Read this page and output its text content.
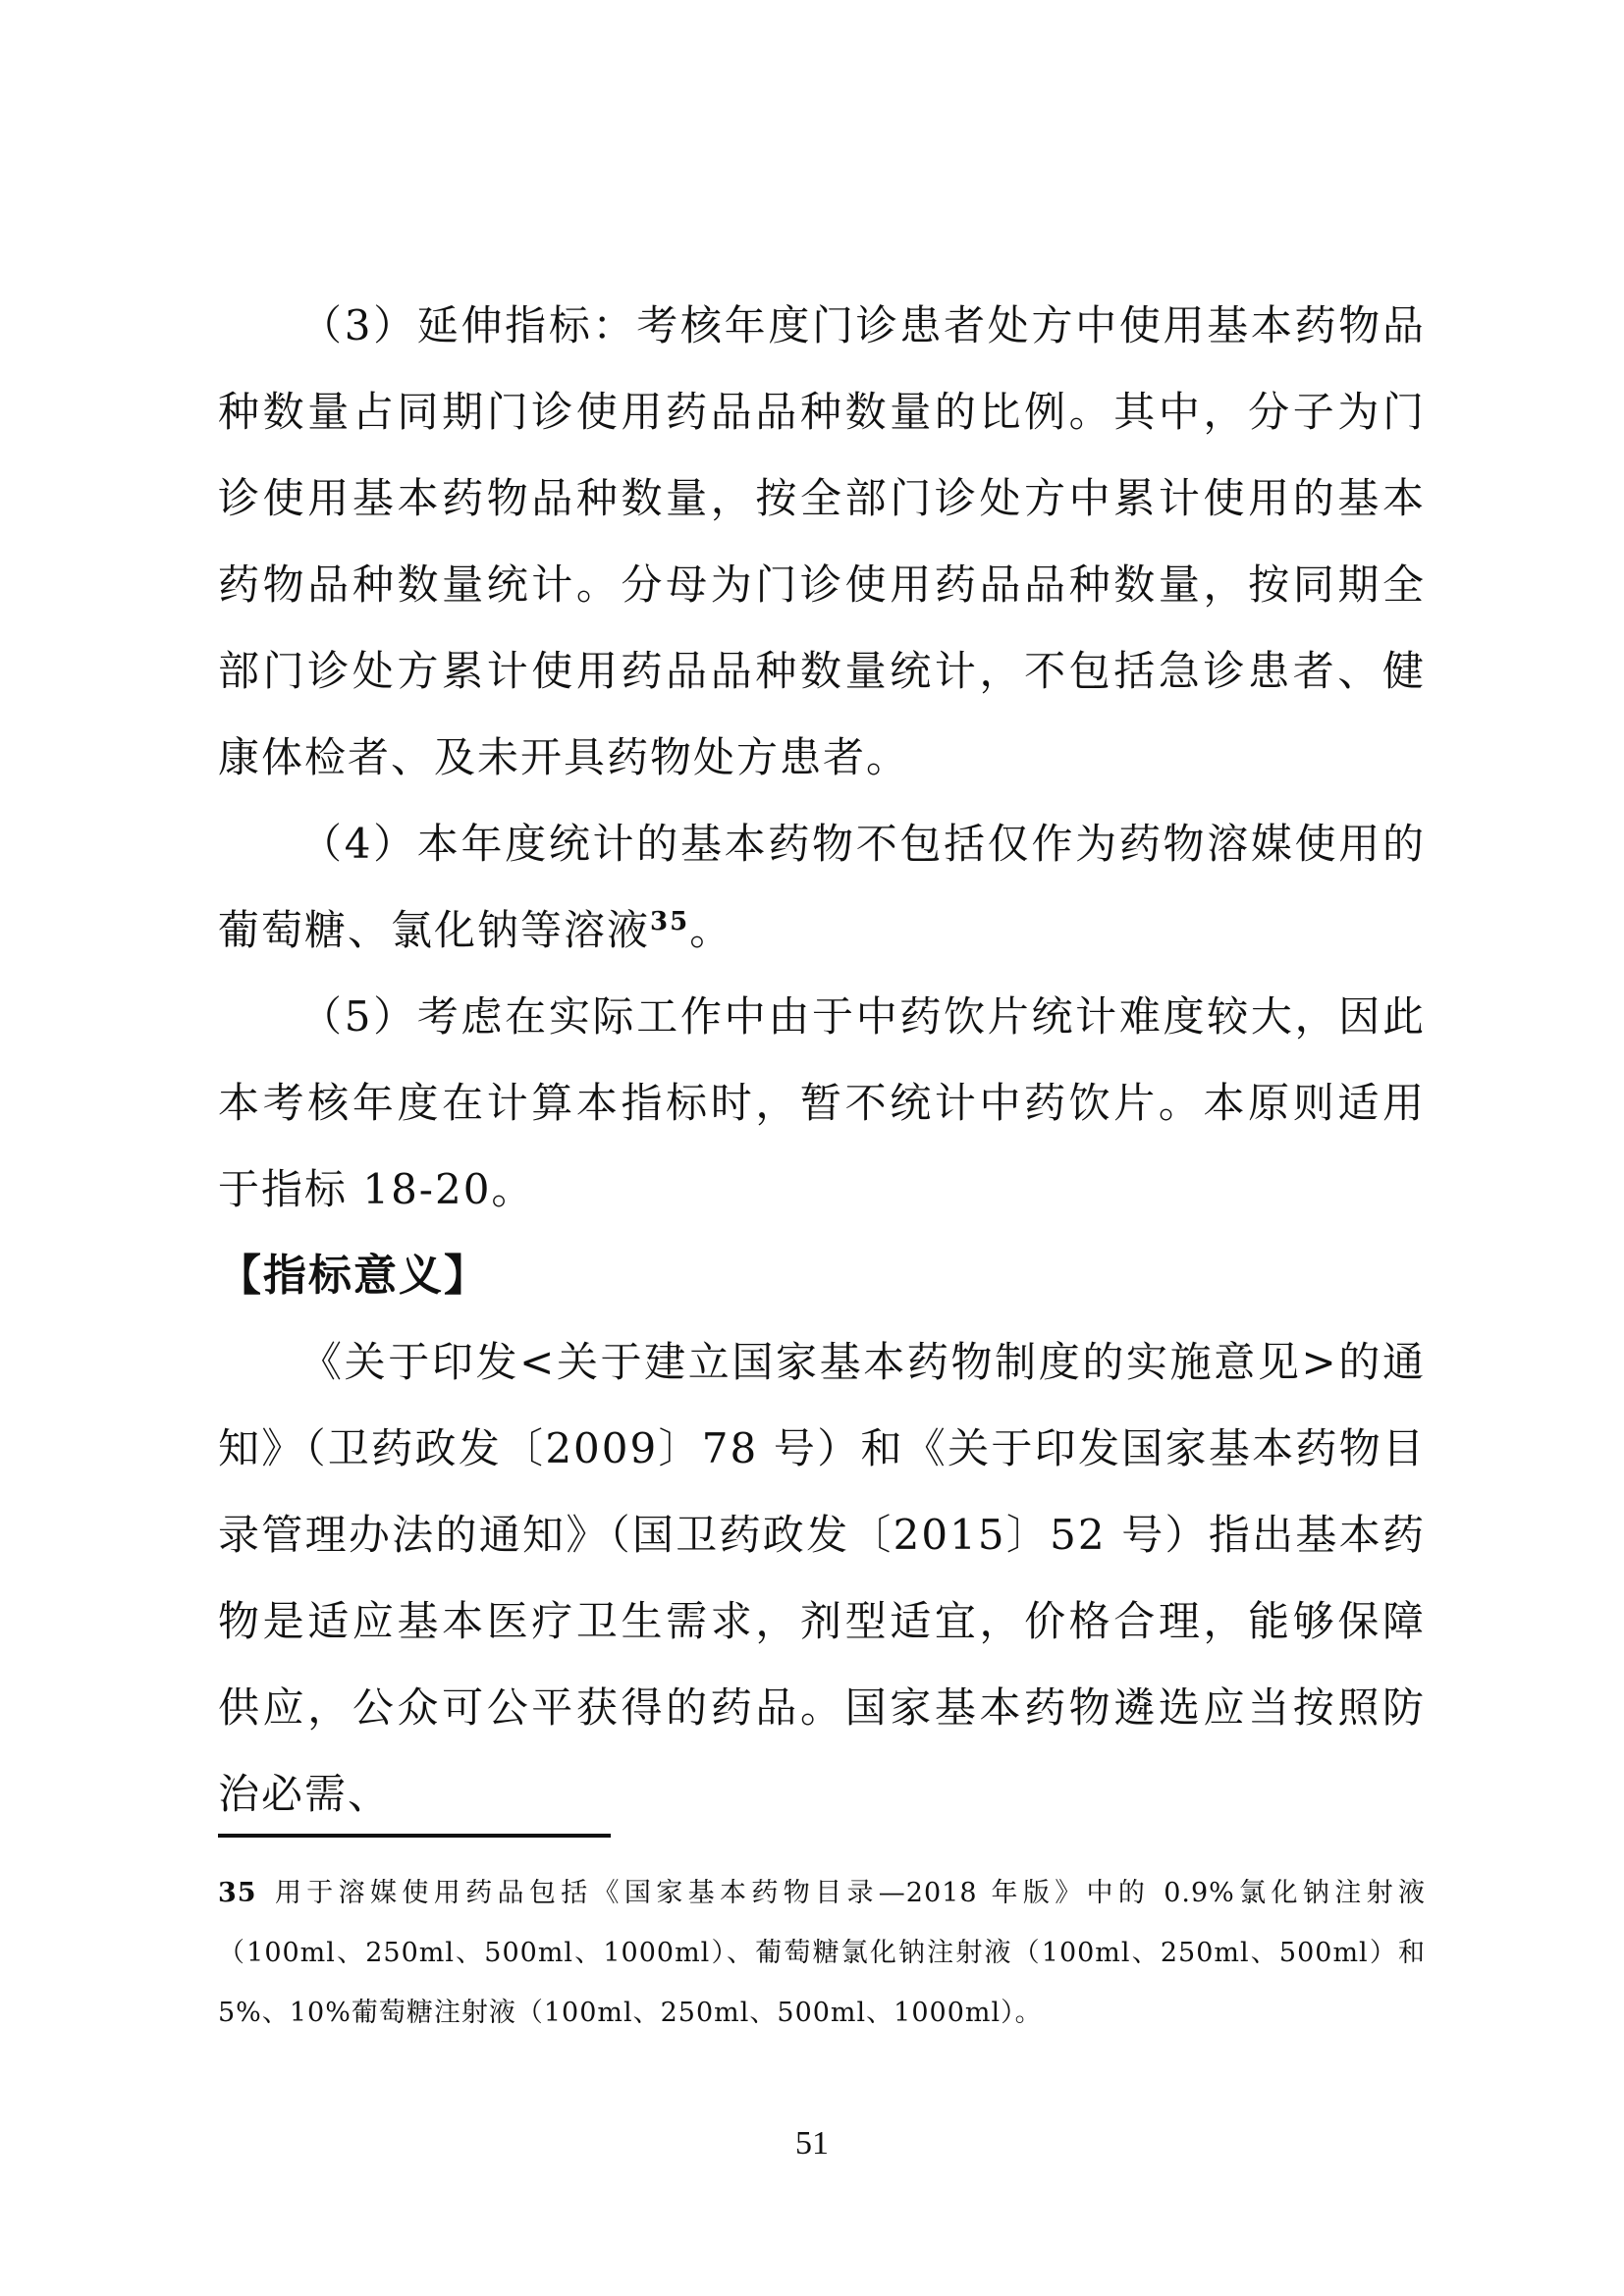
（3）延伸指标：考核年度门诊患者处方中使用基本药物品种数量占同期门诊使用药品品种数量的比例。其中，分子为门诊使用基本药物品种数量，按全部门诊处方中累计使用的基本药物品种数量统计。分母为门诊使用药品品种数量，按同期全部门诊处方累计使用药品品种数量统计，不包括急诊患者、健康体检者、及未开具药物处方患者。

（4）本年度统计的基本药物不包括仅作为药物溶媒使用的葡萄糖、氯化钠等溶液$^{35}$。

（5）考虑在实际工作中由于中药饮片统计难度较大，因此本考核年度在计算本指标时，暂不统计中药饮片。本原则适用于指标 18-20。

【指标意义】

《关于印发<关于建立国家基本药物制度的实施意见>的通知》（卫药政发〔2009〕78 号）和《关于印发国家基本药物目录管理办法的通知》（国卫药政发〔2015〕52 号）指出基本药物是适应基本医疗卫生需求，剂型适宜，价格合理，能够保障供应，公众可公平获得的药品。国家基本药物遴选应当按照防治必需、

35 用于溶媒使用药品包括《国家基本药物目录—2018 年版》中的 0.9%氯化钠注射液（100ml、250ml、500ml、1000ml）、葡萄糖氯化钠注射液（100ml、250ml、500ml）和 5%、10%葡萄糖注射液（100ml、250ml、500ml、1000ml）。
51
